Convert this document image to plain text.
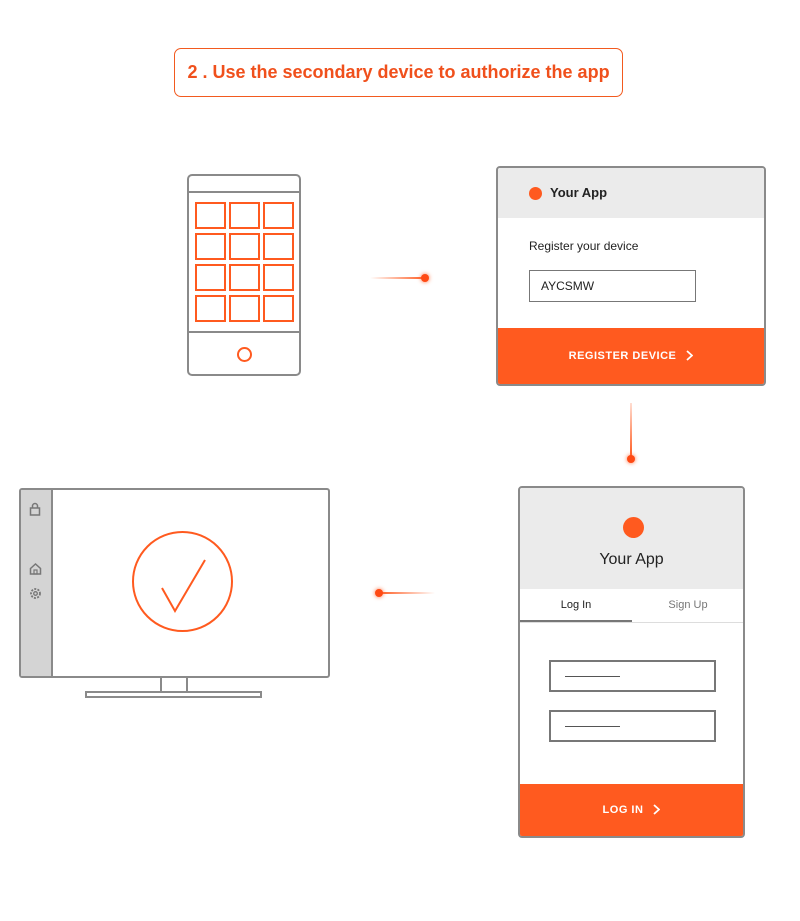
2 . Use the secondary device to authorize the app
Your App
Register your device
AYCSMW
REGISTER DEVICE
Your App
Log In	Sign Up
LOG IN
